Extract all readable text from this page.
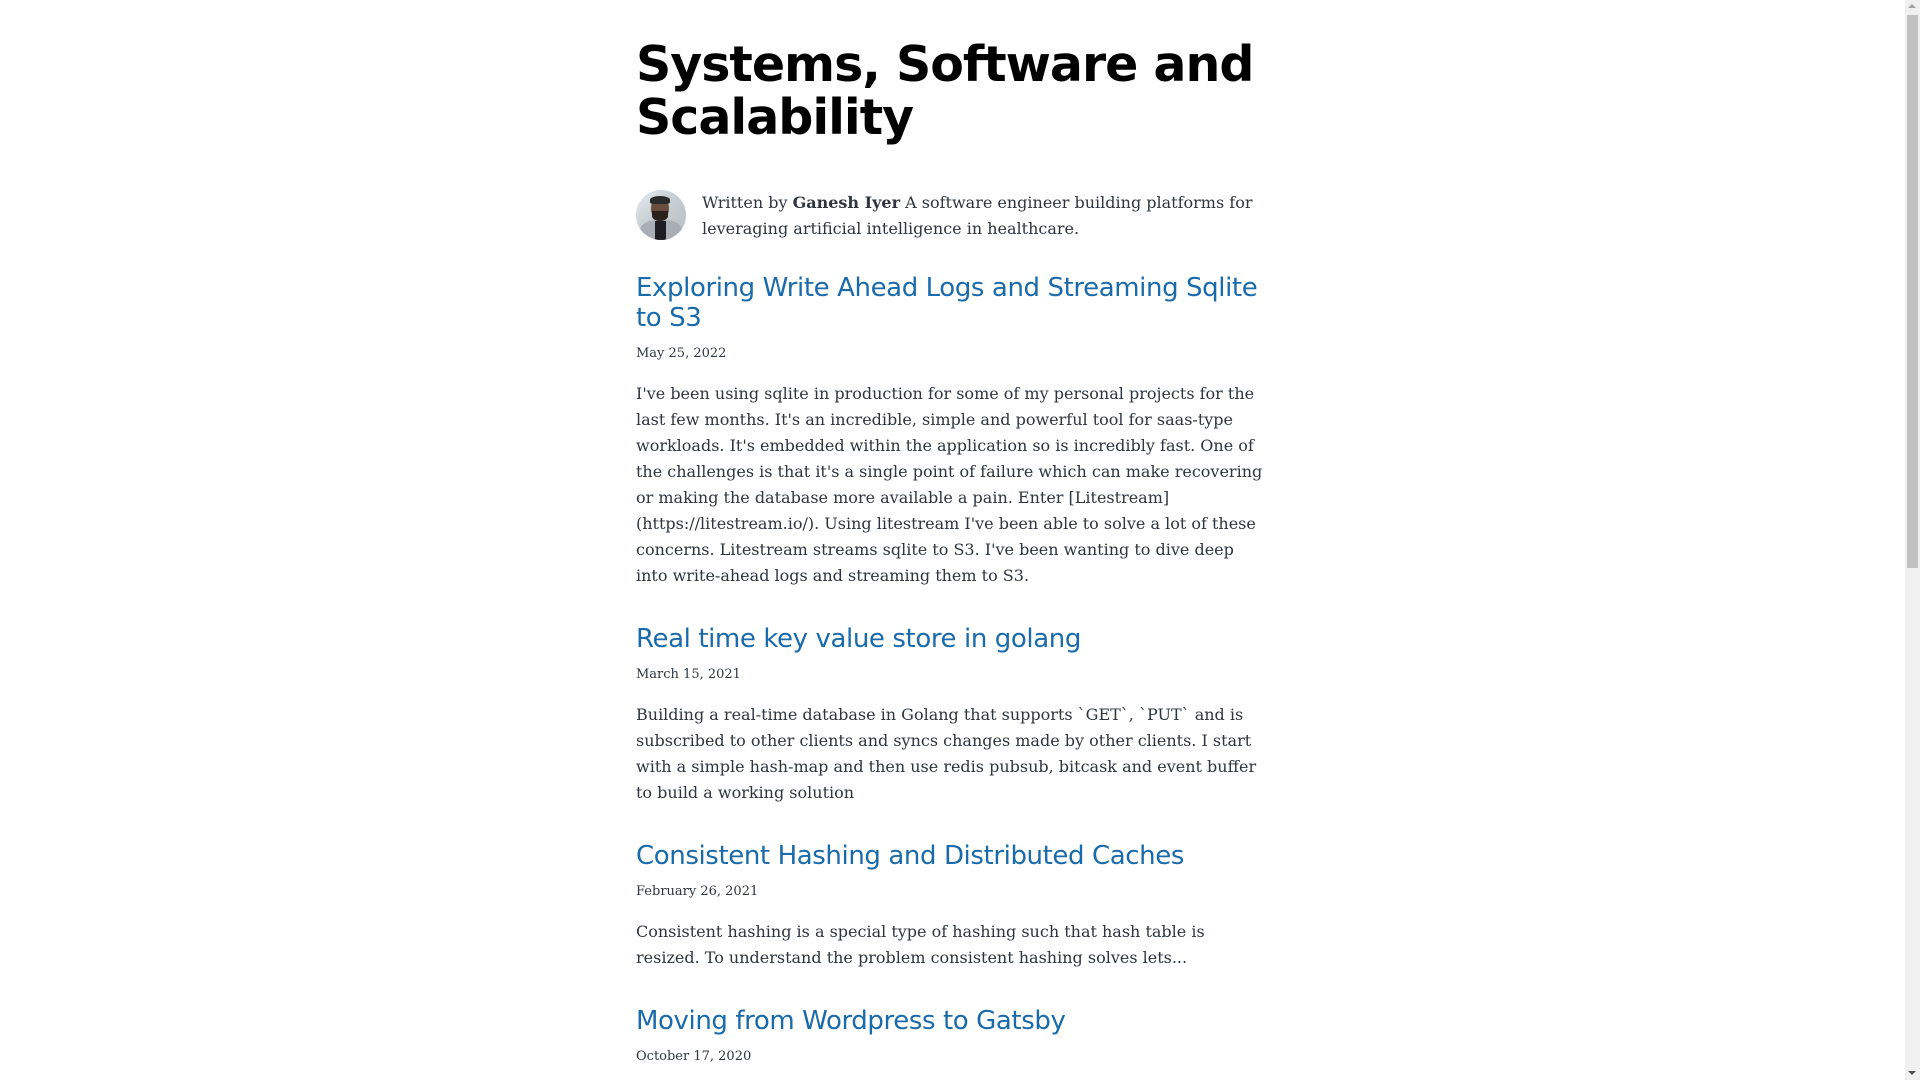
Systems, Software and Scalability

Written by Ganesh Iyer A software engineer building platforms for leveraging artificial intelligence in healthcare.

Exploring Write Ahead Logs and Streaming Sqlite to S3
May 25, 2022

I've been using sqlite in production for some of my personal projects for the last few months. It's an incredible, simple and powerful tool for saas-type workloads. It's embedded within the application so is incredibly fast. One of the challenges is that it's a single point of failure which can make recovering or making the database more available a pain. Enter [Litestream](https://litestream.io/). Using litestream I've been able to solve a lot of these concerns. Litestream streams sqlite to S3. I've been wanting to dive deep into write-ahead logs and streaming them to S3.

Real time key value store in golang
March 15, 2021

Building a real-time database in Golang that supports `GET`, `PUT` and is subscribed to other clients and syncs changes made by other clients. I start with a simple hash-map and then use redis pubsub, bitcask and event buffer to build a working solution

Consistent Hashing and Distributed Caches
February 26, 2021

Consistent hashing is a special type of hashing such that hash table is resized. To understand the problem consistent hashing solves lets...

Moving from Wordpress to Gatsby
October 17, 2020
